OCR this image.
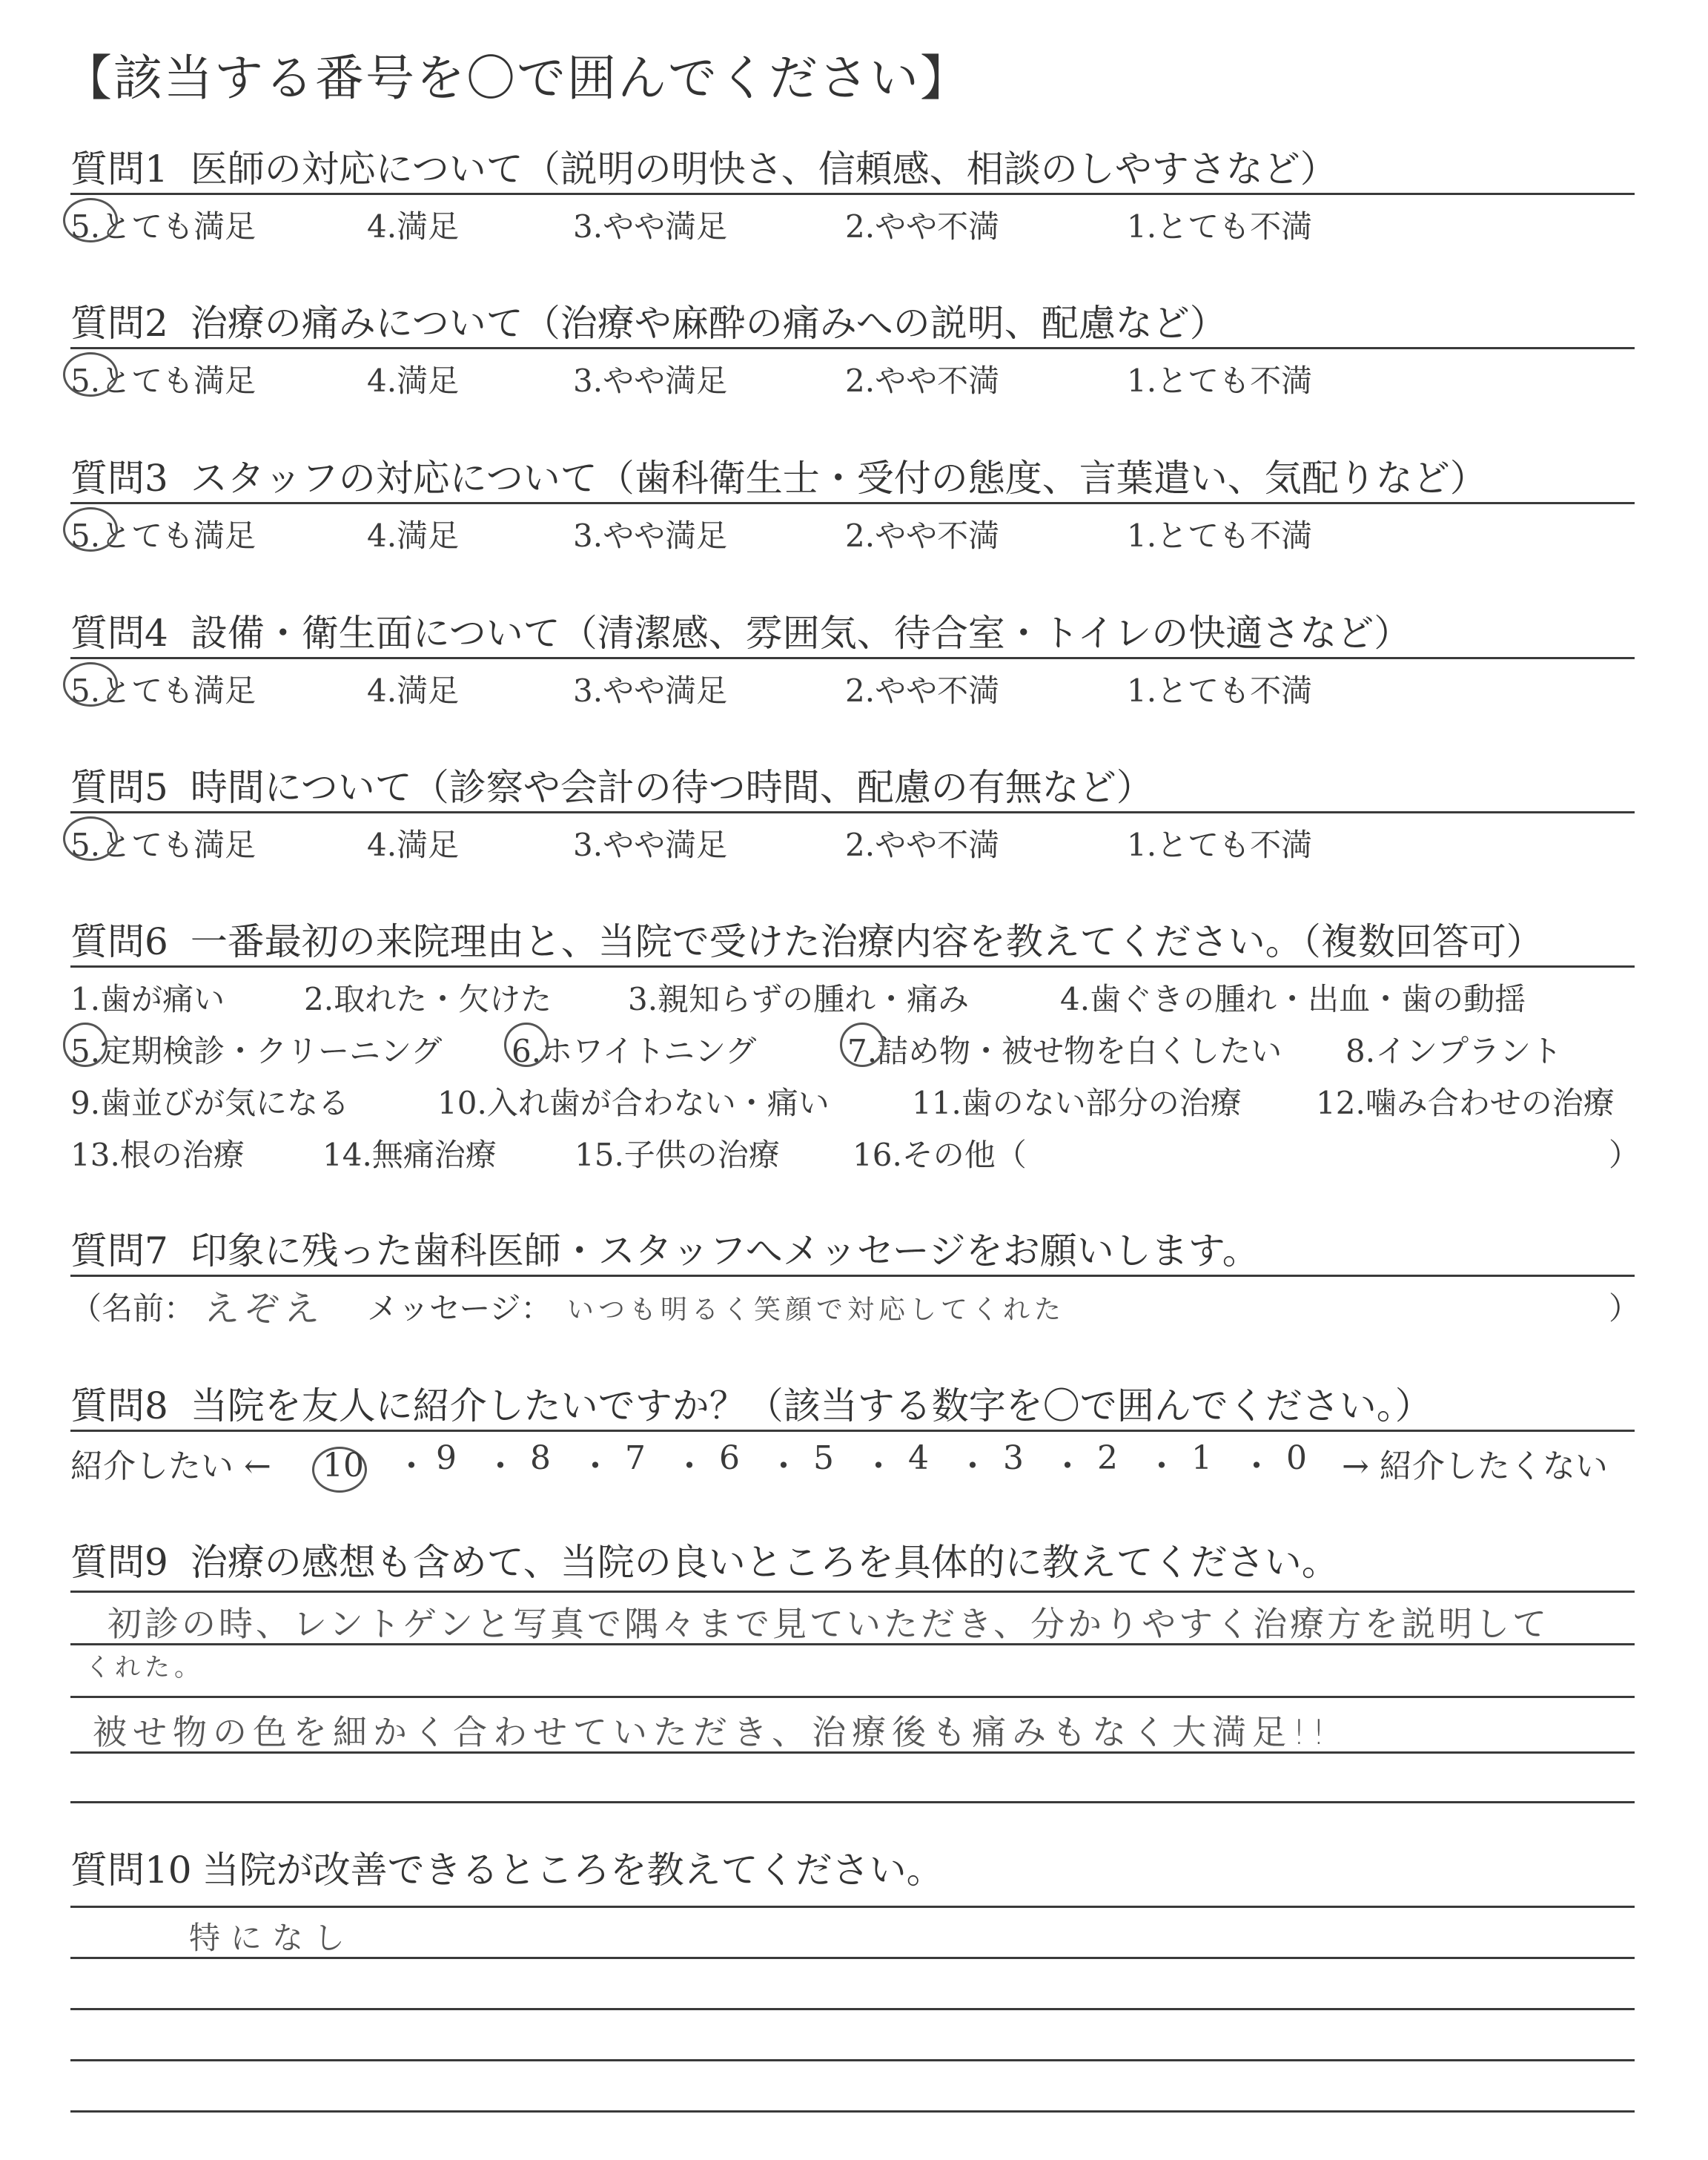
【該当する番号を〇で囲んでください】
質問1 医師の対応について（説明の明快さ、信頼感、相談のしやすさなど）
5.とても満足	4.満足	3.やや満足	2.やや不満	1.とても不満
質問2 治療の痛みについて（治療や麻酔の痛みへの説明、配慮など）
5.とても満足	4.満足	3.やや満足	2.やや不満	1.とても不満
質問3 スタッフの対応について（歯科衛生士・受付の態度、言葉遣い、気配りなど）
5.とても満足	4.満足	3.やや満足	2.やや不満	1.とても不満
質問4 設備・衛生面について（清潔感、雰囲気、待合室・トイレの快適さなど）
5.とても満足	4.満足	3.やや満足	2.やや不満	1.とても不満
質問5 時間について（診察や会計の待つ時間、配慮の有無など）
5.とても満足	4.満足	3.やや満足	2.やや不満	1.とても不満
質問6 一番最初の来院理由と、当院で受けた治療内容を教えてください。（複数回答可）
1.歯が痛い	2.取れた・欠けた 3.親知らずの腫れ・痛み	4.歯ぐきの腫れ・出血・歯の動揺
5.定期検診・クリーニング 6.ホワイトニング	7.詰め物・被せ物を白くしたい 8.インプラント
9.歯並びが気になる	10.入れ歯が合わない・痛い	11.歯のない部分の治療 12.噛み合わせの治療
13.根の治療	14.無痛治療	15.子供の治療 16.その他（	）
質問7 印象に残った歯科医師・スタッフへメッセージをお願いします。
（名前： えぞえ メッセージ： いつも明るく笑顔で対応してくれた	）
質問8 当院を友人に紹介したいですか？（該当する数字を〇で囲んでください。）
紹介したい ← 10 ・ 9 ・ 8 ・ 7 ・ 6 ・ 5 ・ 4 ・ 3 ・ 2 ・ 1 ・ 0 → 紹介したくない
質問9 治療の感想も含めて、当院の良いところを具体的に教えてください。
初診の時、レントゲンと写真で隅々まで見ていただき、分かりやすく治療方を説明して
くれた。
被せ物の色を細かく合わせていただき、治療後も痛みもなく大満足!!
質問10 当院が改善できるところを教えてください。
特になし
